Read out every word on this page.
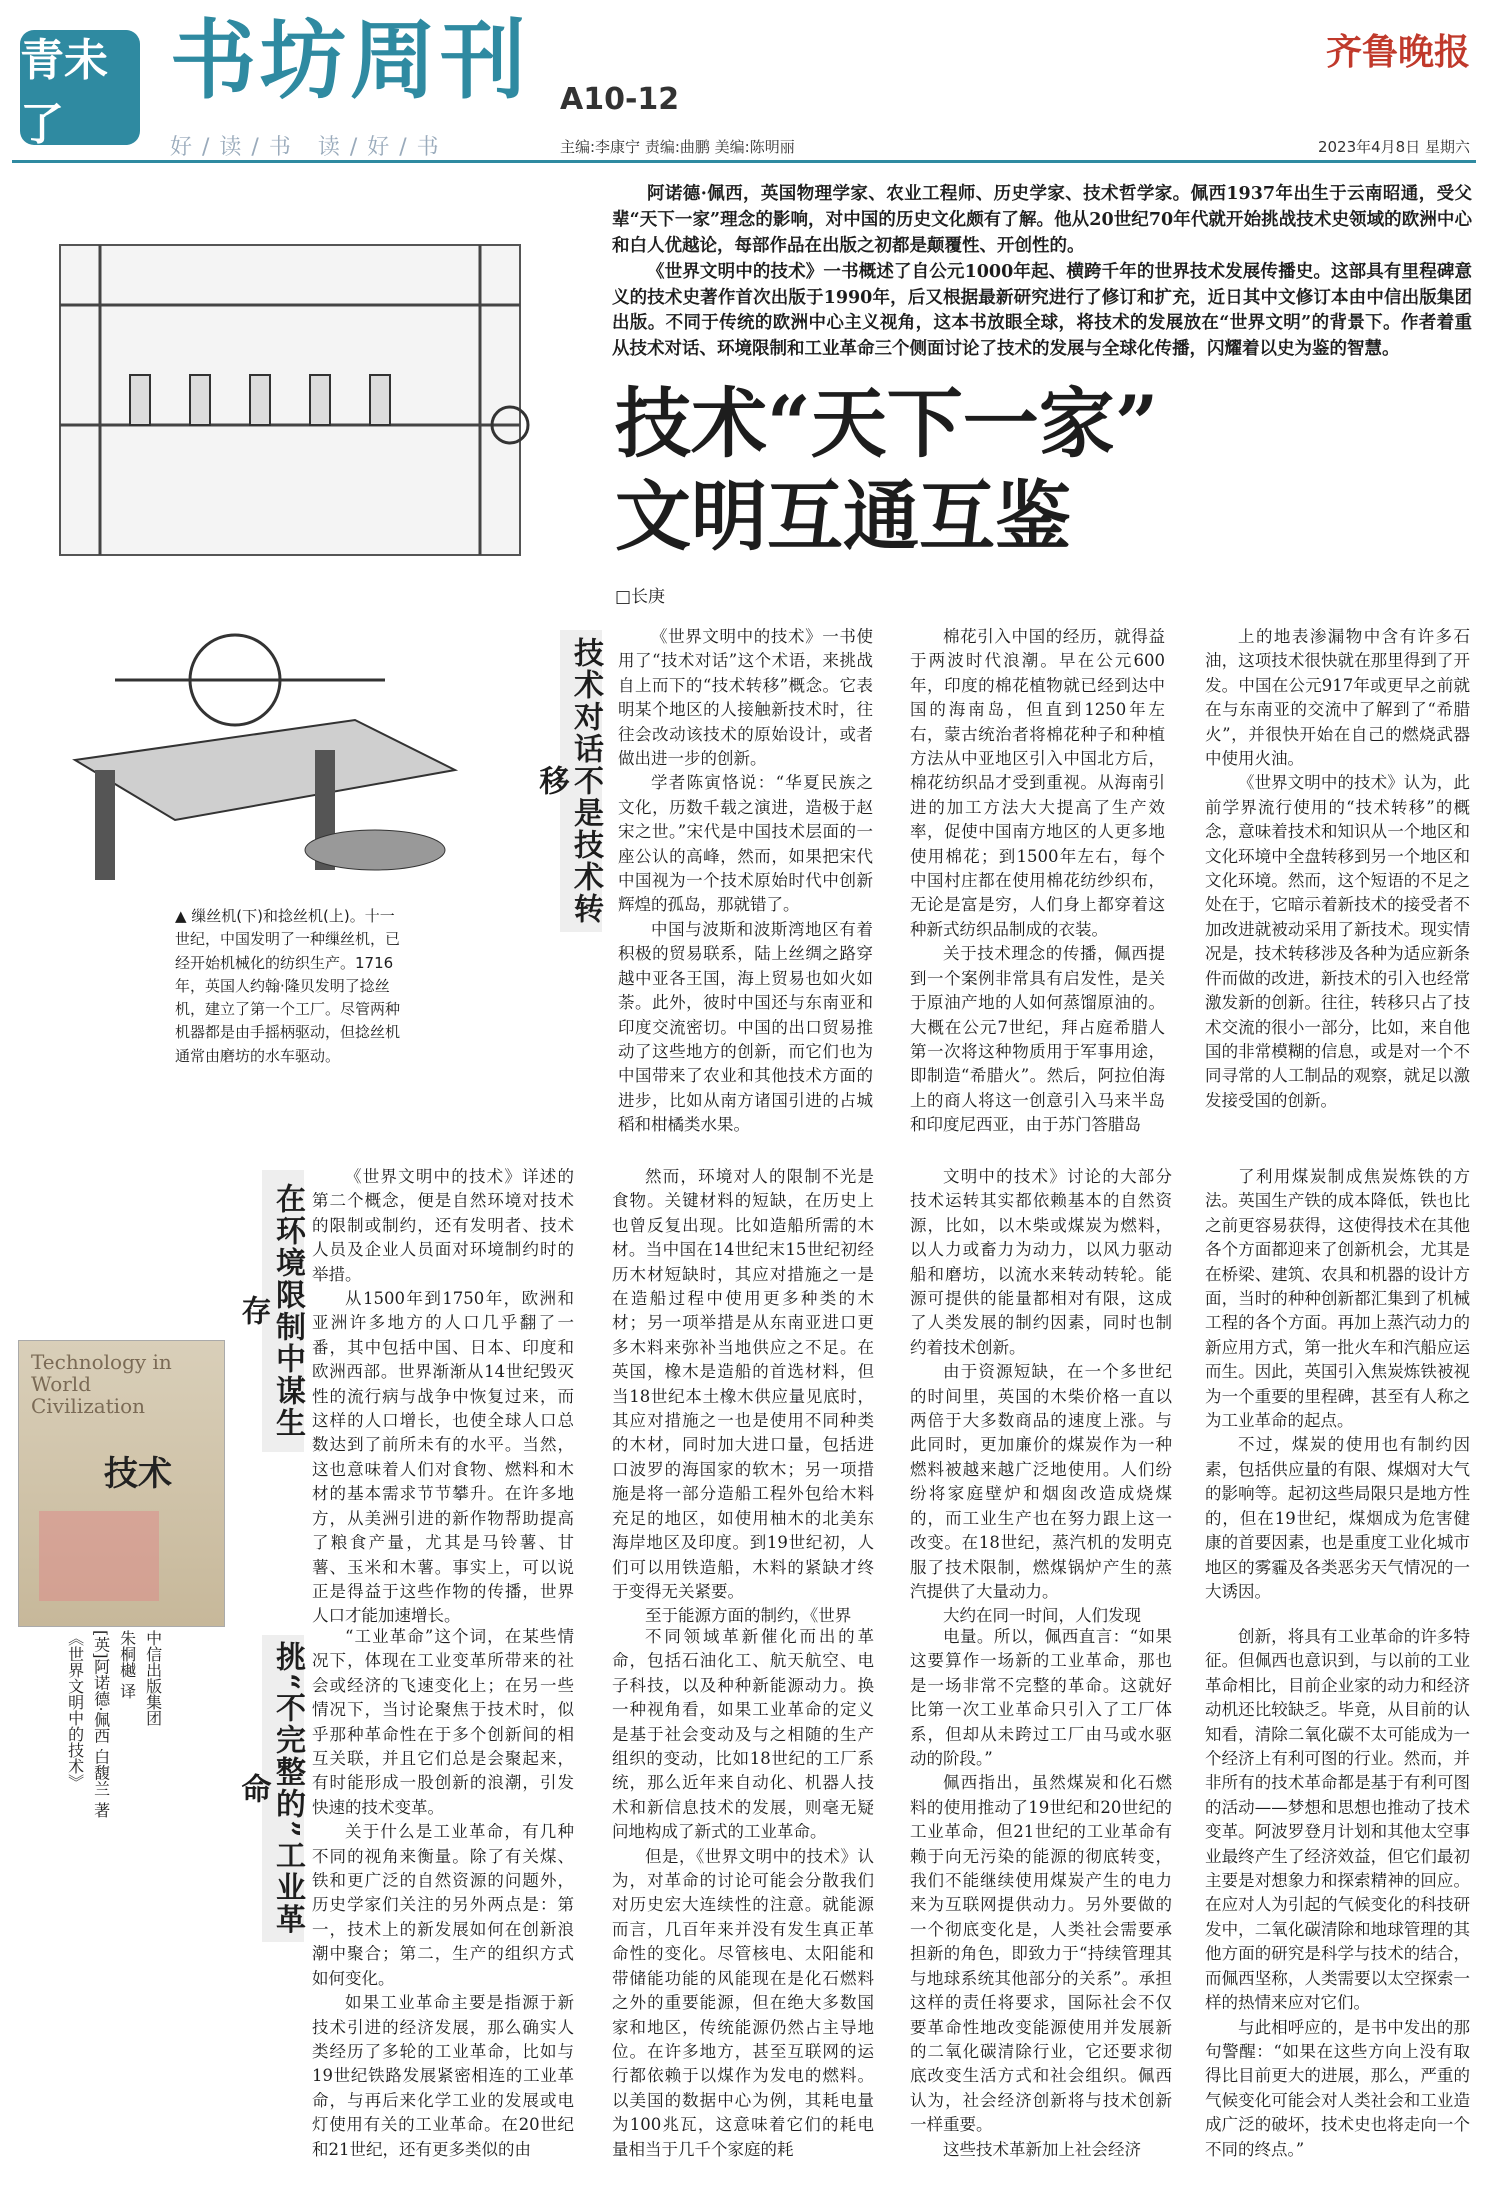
青未了
书坊周刊 A10-12
好/读/书 读/好/书	主编:李康宁 责编:曲鹏 美编:陈明丽
齐鲁晚报
2023年4月8日 星期六
▲ 缫丝机(下)和捻丝机(上)。十一世纪，中国发明了一种缫丝机，已经开始机械化的纺织生产。1716年，英国人约翰·隆贝发明了捻丝机，建立了第一个工厂。尽管两种机器都是由手摇柄驱动，但捻丝机通常由磨坊的水车驱动。

阿诺德·佩西，英国物理学家、农业工程师、历史学家、技术哲学家。佩西1937年出生于云南昭通，受父辈“天下一家”理念的影响，对中国的历史文化颇有了解。他从20世纪70年代就开始挑战技术史领域的欧洲中心和白人优越论，每部作品在出版之初都是颠覆性、开创性的。

《世界文明中的技术》一书概述了自公元1000年起、横跨千年的世界技术发展传播史。这部具有里程碑意义的技术史著作首次出版于1990年，后又根据最新研究进行了修订和扩充，近日其中文修订本由中信出版集团出版。不同于传统的欧洲中心主义视角，这本书放眼全球，将技术的发展放在“世界文明”的背景下。作者着重从技术对话、环境限制和工业革命三个侧面讨论了技术的发展与全球化传播，闪耀着以史为鉴的智慧。

技术“天下一家”
文明互通互鉴
□长庚
技术对话不是技术转移

《世界文明中的技术》一书使用了“技术对话”这个术语，来挑战自上而下的“技术转移”概念。它表明某个地区的人接触新技术时，往往会改动该技术的原始设计，或者做出进一步的创新。

学者陈寅恪说：“华夏民族之文化，历数千载之演进，造极于赵宋之世。”宋代是中国技术层面的一座公认的高峰，然而，如果把宋代中国视为一个技术原始时代中创新辉煌的孤岛，那就错了。

中国与波斯和波斯湾地区有着积极的贸易联系，陆上丝绸之路穿越中亚各王国，海上贸易也如火如荼。此外，彼时中国还与东南亚和印度交流密切。中国的出口贸易推动了这些地方的创新，而它们也为中国带来了农业和其他技术方面的进步，比如从南方诸国引进的占城稻和柑橘类水果。

棉花引入中国的经历，就得益于两波时代浪潮。早在公元600年，印度的棉花植物就已经到达中国的海南岛，但直到1250年左右，蒙古统治者将棉花种子和种植方法从中亚地区引入中国北方后，棉花纺织品才受到重视。从海南引进的加工方法大大提高了生产效率，促使中国南方地区的人更多地使用棉花；到1500年左右，每个中国村庄都在使用棉花纺纱织布，无论是富是穷，人们身上都穿着这种新式纺织品制成的衣装。

关于技术理念的传播，佩西提到一个案例非常具有启发性，是关于原油产地的人如何蒸馏原油的。大概在公元7世纪，拜占庭希腊人第一次将这种物质用于军事用途，即制造“希腊火”。然后，阿拉伯海上的商人将这一创意引入马来半岛和印度尼西亚，由于苏门答腊岛

上的地表渗漏物中含有许多石油，这项技术很快就在那里得到了开发。中国在公元917年或更早之前就在与东南亚的交流中了解到了“希腊火”，并很快开始在自己的燃烧武器中使用火油。

《世界文明中的技术》认为，此前学界流行使用的“技术转移”的概念，意味着技术和知识从一个地区和文化环境中全盘转移到另一个地区和文化环境。然而，这个短语的不足之处在于，它暗示着新技术的接受者不加改进就被动采用了新技术。现实情况是，技术转移涉及各种为适应新条件而做的改进，新技术的引入也经常激发新的创新。往往，转移只占了技术交流的很小一部分，比如，来自他国的非常模糊的信息，或是对一个不同寻常的人工制品的观察，就足以激发接受国的创新。

在环境限制中谋生存

《世界文明中的技术》详述的第二个概念，便是自然环境对技术的限制或制约，还有发明者、技术人员及企业人员面对环境制约时的举措。

从1500年到1750年，欧洲和亚洲许多地方的人口几乎翻了一番，其中包括中国、日本、印度和欧洲西部。世界渐渐从14世纪毁灭性的流行病与战争中恢复过来，而这样的人口增长，也使全球人口总数达到了前所未有的水平。当然，这也意味着人们对食物、燃料和木材的基本需求节节攀升。在许多地方，从美洲引进的新作物帮助提高了粮食产量，尤其是马铃薯、甘薯、玉米和木薯。事实上，可以说正是得益于这些作物的传播，世界人口才能加速增长。

然而，环境对人的限制不光是食物。关键材料的短缺，在历史上也曾反复出现。比如造船所需的木材。当中国在14世纪末15世纪初经历木材短缺时，其应对措施之一是在造船过程中使用更多种类的木材；另一项举措是从东南亚进口更多木料来弥补当地供应之不足。在英国，橡木是造船的首选材料，但当18世纪本土橡木供应量见底时，其应对措施之一也是使用不同种类的木材，同时加大进口量，包括进口波罗的海国家的软木；另一项措施是将一部分造船工程外包给木料充足的地区，如使用柚木的北美东海岸地区及印度。到19世纪初，人们可以用铁造船，木料的紧缺才终于变得无关紧要。

至于能源方面的制约，《世界

文明中的技术》讨论的大部分技术运转其实都依赖基本的自然资源，比如，以木柴或煤炭为燃料，以人力或畜力为动力，以风力驱动船和磨坊，以流水来转动转轮。能源可提供的能量都相对有限，这成了人类发展的制约因素，同时也制约着技术创新。

由于资源短缺，在一个多世纪的时间里，英国的木柴价格一直以两倍于大多数商品的速度上涨。与此同时，更加廉价的煤炭作为一种燃料被越来越广泛地使用。人们纷纷将家庭壁炉和烟囱改造成烧煤的，而工业生产也在努力跟上这一改变。在18世纪，蒸汽机的发明克服了技术限制，燃煤锅炉产生的蒸汽提供了大量动力。

大约在同一时间，人们发现

了利用煤炭制成焦炭炼铁的方法。英国生产铁的成本降低，铁也比之前更容易获得，这使得技术在其他各个方面都迎来了创新机会，尤其是在桥梁、建筑、农具和机器的设计方面，当时的种种创新都汇集到了机械工程的各个方面。再加上蒸汽动力的新应用方式，第一批火车和汽船应运而生。因此，英国引入焦炭炼铁被视为一个重要的里程碑，甚至有人称之为工业革命的起点。

不过，煤炭的使用也有制约因素，包括供应量的有限、煤烟对大气的影响等。起初这些局限只是地方性的，但在19世纪，煤烟成为危害健康的首要因素，也是重度工业化城市地区的雾霾及各类恶劣天气情况的一大诱因。

Technology in World Civilization
技术
《世界文明中的技术》 [英]阿诺德·佩西 白馥兰 著 朱桐樾 译 中信出版集团	挑“不完整的”工业革命

“工业革命”这个词，在某些情况下，体现在工业变革所带来的社会或经济的飞速变化上；在另一些情况下，当讨论聚焦于技术时，似乎那种革命性在于多个创新间的相互关联，并且它们总是会聚起来，有时能形成一股创新的浪潮，引发快速的技术变革。

关于什么是工业革命，有几种不同的视角来衡量。除了有关煤、铁和更广泛的自然资源的问题外，历史学家们关注的另外两点是：第一，技术上的新发展如何在创新浪潮中聚合；第二，生产的组织方式如何变化。

如果工业革命主要是指源于新技术引进的经济发展，那么确实人类经历了多轮的工业革命，比如与19世纪铁路发展紧密相连的工业革命，与再后来化学工业的发展或电灯使用有关的工业革命。在20世纪和21世纪，还有更多类似的由

不同领域革新催化而出的革命，包括石油化工、航天航空、电子科技，以及种种新能源动力。换一种视角看，如果工业革命的定义是基于社会变动及与之相随的生产组织的变动，比如18世纪的工厂系统，那么近年来自动化、机器人技术和新信息技术的发展，则毫无疑问地构成了新式的工业革命。

但是，《世界文明中的技术》认为，对革命的讨论可能会分散我们对历史宏大连续性的注意。就能源而言，几百年来并没有发生真正革命性的变化。尽管核电、太阳能和带储能功能的风能现在是化石燃料之外的重要能源，但在绝大多数国家和地区，传统能源仍然占主导地位。在许多地方，甚至互联网的运行都依赖于以煤作为发电的燃料。以美国的数据中心为例，其耗电量为100兆瓦，这意味着它们的耗电量相当于几千个家庭的耗

电量。所以，佩西直言：“如果这要算作一场新的工业革命，那也是一场非常不完整的革命。这就好比第一次工业革命只引入了工厂体系，但却从未跨过工厂由马或水驱动的阶段。”

佩西指出，虽然煤炭和化石燃料的使用推动了19世纪和20世纪的工业革命，但21世纪的工业革命有赖于向无污染的能源的彻底转变，我们不能继续使用煤炭产生的电力来为互联网提供动力。另外要做的一个彻底变化是，人类社会需要承担新的角色，即致力于“持续管理其与地球系统其他部分的关系”。承担这样的责任将要求，国际社会不仅要革命性地改变能源使用并发展新的二氧化碳清除行业，它还要求彻底改变生活方式和社会组织。佩西认为，社会经济创新将与技术创新一样重要。

这些技术革新加上社会经济

创新，将具有工业革命的许多特征。但佩西也意识到，与以前的工业革命相比，目前企业家的动力和经济动机还比较缺乏。毕竟，从目前的认知看，清除二氧化碳不太可能成为一个经济上有利可图的行业。然而，并非所有的技术革命都是基于有利可图的活动——梦想和思想也推动了技术变革。阿波罗登月计划和其他太空事业最终产生了经济效益，但它们最初主要是对想象力和探索精神的回应。在应对人为引起的气候变化的科技研发中，二氧化碳清除和地球管理的其他方面的研究是科学与技术的结合，而佩西坚称，人类需要以太空探索一样的热情来应对它们。

与此相呼应的，是书中发出的那句警醒：“如果在这些方向上没有取得比目前更大的进展，那么，严重的气候变化可能会对人类社会和工业造成广泛的破坏，技术史也将走向一个不同的终点。”
